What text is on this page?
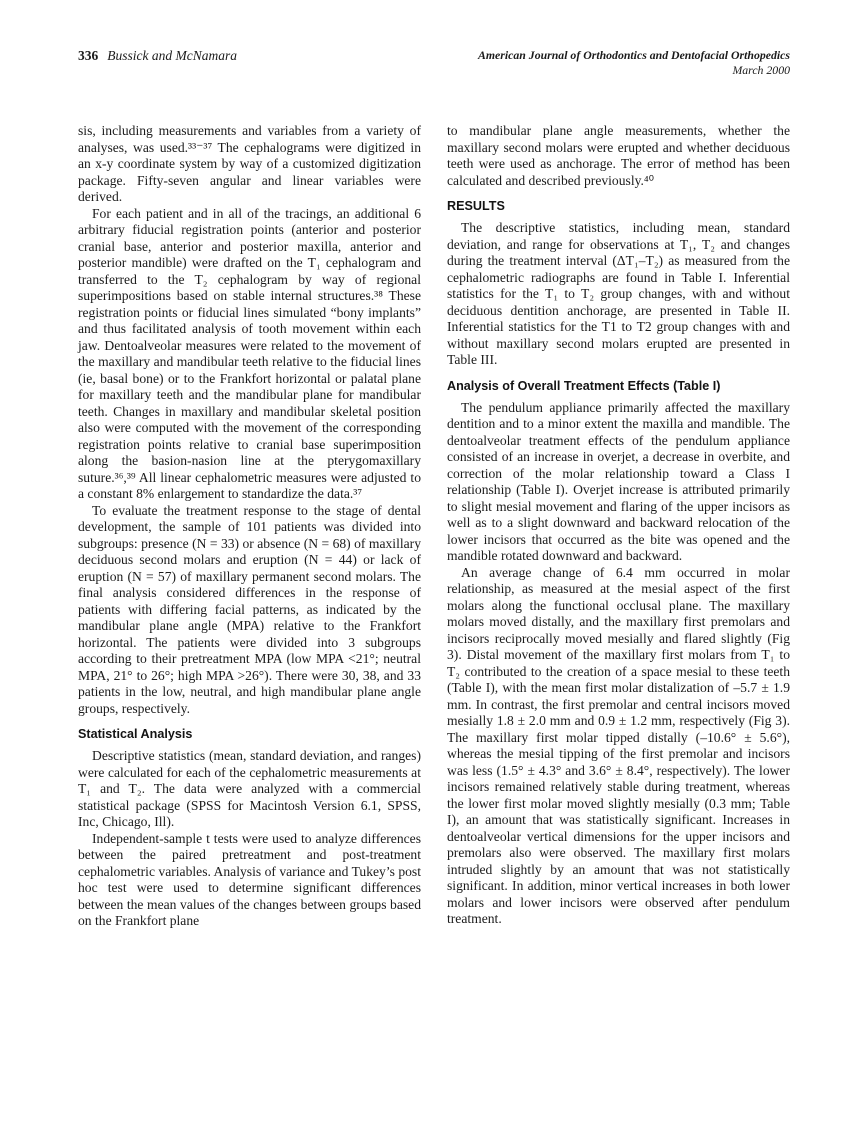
336 Bussick and McNamara	American Journal of Orthodontics and Dentofacial Orthopedics
March 2000

sis, including measurements and variables from a variety of analyses, was used.³³⁻³⁷ The cephalograms were digitized in an x-y coordinate system by way of a customized digitization package. Fifty-seven angular and linear variables were derived.

For each patient and in all of the tracings, an additional 6 arbitrary fiducial registration points (anterior and posterior cranial base, anterior and posterior maxilla, anterior and posterior mandible) were drafted on the T₁ cephalogram and transferred to the T₂ cephalogram by way of regional superimpositions based on stable internal structures.³⁸ These registration points or fiducial lines simulated “bony implants” and thus facilitated analysis of tooth movement within each jaw. Dentoalveolar measures were related to the movement of the maxillary and mandibular teeth relative to the fiducial lines (ie, basal bone) or to the Frankfort horizontal or palatal plane for maxillary teeth and the mandibular plane for mandibular teeth. Changes in maxillary and mandibular skeletal position also were computed with the movement of the corresponding registration points relative to cranial base superimposition along the basion-nasion line at the pterygomaxillary suture.³⁶,³⁹ All linear cephalometric measures were adjusted to a constant 8% enlargement to standardize the data.³⁷

To evaluate the treatment response to the stage of dental development, the sample of 101 patients was divided into subgroups: presence (N = 33) or absence (N = 68) of maxillary deciduous second molars and eruption (N = 44) or lack of eruption (N = 57) of maxillary permanent second molars. The final analysis considered differences in the response of patients with differing facial patterns, as indicated by the mandibular plane angle (MPA) relative to the Frankfort horizontal. The patients were divided into 3 subgroups according to their pretreatment MPA (low MPA <21°; neutral MPA, 21° to 26°; high MPA >26°). There were 30, 38, and 33 patients in the low, neutral, and high mandibular plane angle groups, respectively.

Statistical Analysis

Descriptive statistics (mean, standard deviation, and ranges) were calculated for each of the cephalometric measurements at T₁ and T₂. The data were analyzed with a commercial statistical package (SPSS for Macintosh Version 6.1, SPSS, Inc, Chicago, Ill).

Independent-sample t tests were used to analyze differences between the paired pretreatment and post-treatment cephalometric variables. Analysis of variance and Tukey’s post hoc test were used to determine significant differences between the mean values of the changes between groups based on the Frankfort plane

to mandibular plane angle measurements, whether the maxillary second molars were erupted and whether deciduous teeth were used as anchorage. The error of method has been calculated and described previously.⁴⁰

RESULTS

The descriptive statistics, including mean, standard deviation, and range for observations at T₁, T₂ and changes during the treatment interval (ΔT₁–T₂) as measured from the cephalometric radiographs are found in Table I. Inferential statistics for the T₁ to T₂ group changes, with and without deciduous dentition anchorage, are presented in Table II. Inferential statistics for the T1 to T2 group changes with and without maxillary second molars erupted are presented in Table III.

Analysis of Overall Treatment Effects (Table I)

The pendulum appliance primarily affected the maxillary dentition and to a minor extent the maxilla and mandible. The dentoalveolar treatment effects of the pendulum appliance consisted of an increase in overjet, a decrease in overbite, and correction of the molar relationship toward a Class I relationship (Table I). Overjet increase is attributed primarily to slight mesial movement and flaring of the upper incisors as well as to a slight downward and backward relocation of the lower incisors that occurred as the bite was opened and the mandible rotated downward and backward.

An average change of 6.4 mm occurred in molar relationship, as measured at the mesial aspect of the first molars along the functional occlusal plane. The maxillary molars moved distally, and the maxillary first premolars and incisors reciprocally moved mesially and flared slightly (Fig 3). Distal movement of the maxillary first molars from T₁ to T₂ contributed to the creation of a space mesial to these teeth (Table I), with the mean first molar distalization of –5.7 ± 1.9 mm. In contrast, the first premolar and central incisors moved mesially 1.8 ± 2.0 mm and 0.9 ± 1.2 mm, respectively (Fig 3). The maxillary first molar tipped distally (–10.6° ± 5.6°), whereas the mesial tipping of the first premolar and incisors was less (1.5° ± 4.3° and 3.6° ± 8.4°, respectively). The lower incisors remained relatively stable during treatment, whereas the lower first molar moved slightly mesially (0.3 mm; Table I), an amount that was statistically significant. Increases in dentoalveolar vertical dimensions for the upper incisors and premolars also were observed. The maxillary first molars intruded slightly by an amount that was not statistically significant. In addition, minor vertical increases in both lower molars and lower incisors were observed after pendulum treatment.
